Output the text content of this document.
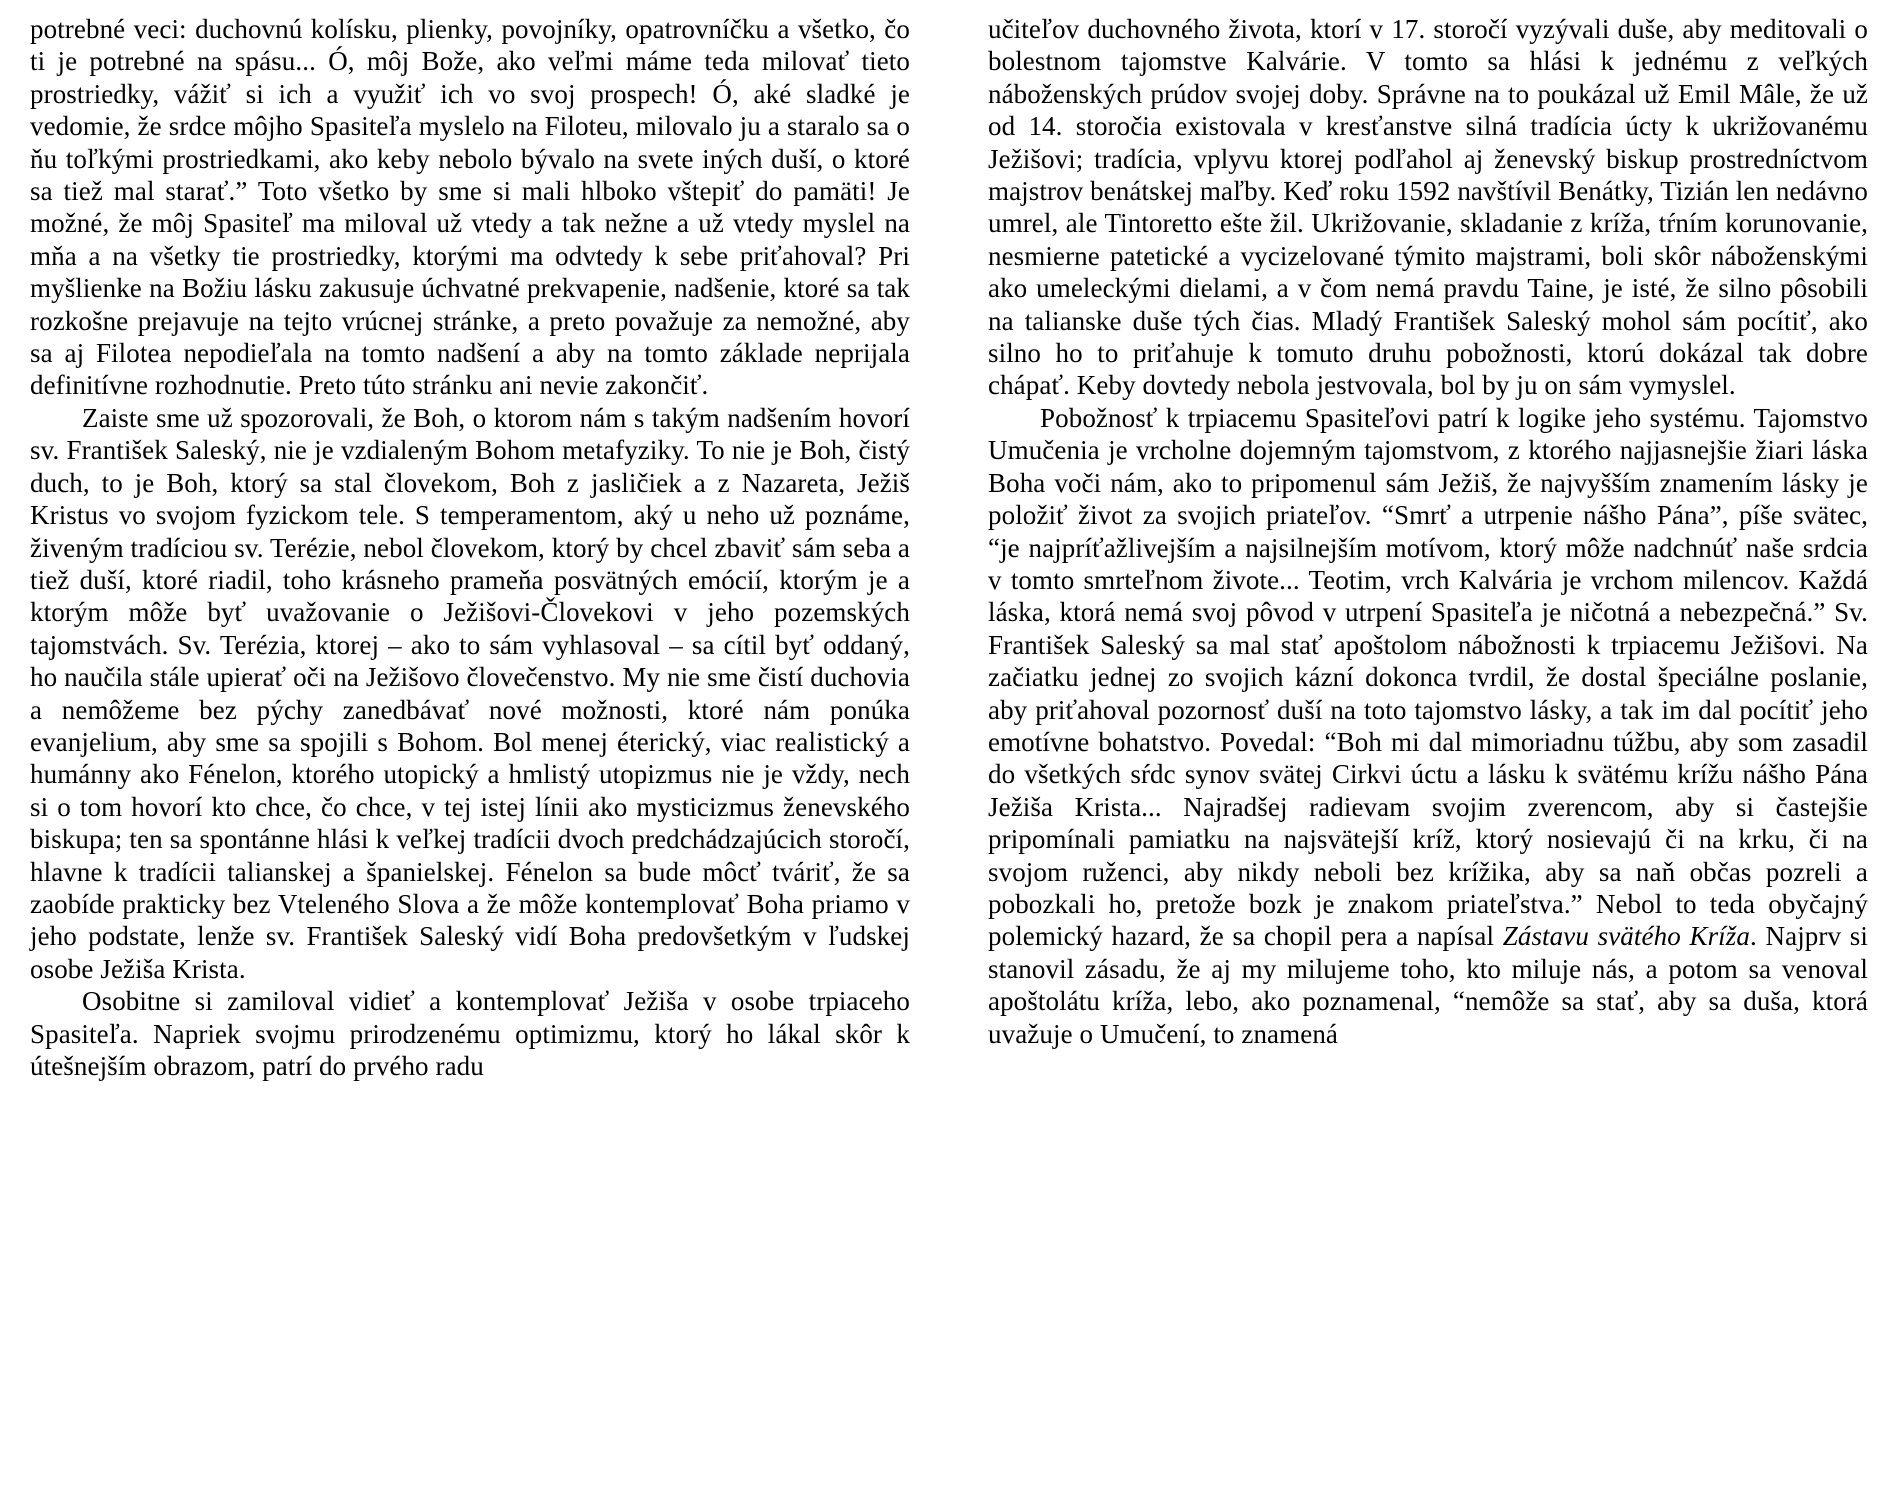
potrebné veci: duchovnú kolísku, plienky, povojníky, opatrovníčku a všetko, čo ti je potrebné na spásu... Ó, môj Bože, ako veľmi máme teda milovať tieto prostriedky, vážiť si ich a využiť ich vo svoj prospech! Ó, aké sladké je vedomie, že srdce môjho Spasiteľa myslelo na Filoteu, milovalo ju a staralo sa o ňu toľkými prostriedkami, ako keby nebolo bývalo na svete iných duší, o ktoré sa tiež mal starať.” Toto všetko by sme si mali hlboko vštepiť do pamäti! Je možné, že môj Spasiteľ ma miloval už vtedy a tak nežne a už vtedy myslel na mňa a na všetky tie prostriedky, ktorými ma odvtedy k sebe priťahoval? Pri myšlienke na Božiu lásku zakusuje úchvatné prekvapenie, nadšenie, ktoré sa tak rozkošne prejavuje na tejto vrúcnej stránke, a preto považuje za nemožné, aby sa aj Filotea nepodieľala na tomto nadšení a aby na tomto základe neprijala definitívne rozhodnutie. Preto túto stránku ani nevie zakončiť.

Zaiste sme už spozorovali, že Boh, o ktorom nám s takým nadšením hovorí sv. František Saleský, nie je vzdialeným Bohom metafyziky. To nie je Boh, čistý duch, to je Boh, ktorý sa stal človekom, Boh z jasličiek a z Nazareta, Ježiš Kristus vo svojom fyzickom tele. S temperamentom, aký u neho už poznáme, živeným tradíciou sv. Terézie, nebol človekom, ktorý by chcel zbaviť sám seba a tiež duší, ktoré riadil, toho krásneho prameňa posvätných emócií, ktorým je a ktorým môže byť uvažovanie o Ježišovi-Človekovi v jeho pozemských tajomstvách. Sv. Terézia, ktorej – ako to sám vyhlasoval – sa cítil byť oddaný, ho naučila stále upierať oči na Ježišovo človečenstvo. My nie sme čistí duchovia a nemôžeme bez pýchy zanedbávať nové možnosti, ktoré nám ponúka evanjelium, aby sme sa spojili s Bohom. Bol menej éterický, viac realistický a humánny ako Fénelon, ktorého utopický a hmlistý utopizmus nie je vždy, nech si o tom hovorí kto chce, čo chce, v tej istej línii ako mysticizmus ženevského biskupa; ten sa spontánne hlási k veľkej tradícii dvoch predchádzajúcich storočí, hlavne k tradícii talianskej a španielskej. Fénelon sa bude môcť tváriť, že sa zaobíde prakticky bez Vteleného Slova a že môže kontemplovať Boha priamo v jeho podstate, lenže sv. František Saleský vidí Boha predovšetkým v ľudskej osobe Ježiša Krista.

Osobitne si zamiloval vidieť a kontemplovať Ježiša v osobe trpiaceho Spasiteľa. Napriek svojmu prirodzenému optimizmu, ktorý ho lákal skôr k útešnejším obrazom, patrí do prvého radu

učiteľov duchovného života, ktorí v 17. storočí vyzývali duše, aby meditovali o bolestnom tajomstve Kalvárie. V tomto sa hlási k jednému z veľkých náboženských prúdov svojej doby. Správne na to poukázal už Emil Mâle, že už od 14. storočia existovala v kresťanstve silná tradícia úcty k ukrižovanému Ježišovi; tradícia, vplyvu ktorej podľahol aj ženevský biskup prostredníctvom majstrov benátskej maľby. Keď roku 1592 navštívil Benátky, Tizián len nedávno umrel, ale Tintoretto ešte žil. Ukrižovanie, skladanie z kríža, tŕním korunovanie, nesmierne patetické a vycizelované týmito majstrami, boli skôr náboženskými ako umeleckými dielami, a v čom nemá pravdu Taine, je isté, že silno pôsobili na talianske duše tých čias. Mladý František Saleský mohol sám pocítiť, ako silno ho to priťahuje k tomuto druhu pobožnosti, ktorú dokázal tak dobre chápať. Keby dovtedy nebola jestvovala, bol by ju on sám vymyslel.

Pobožnosť k trpiacemu Spasiteľovi patrí k logike jeho systému. Tajomstvo Umučenia je vrcholne dojemným tajomstvom, z ktorého najjasnejšie žiari láska Boha voči nám, ako to pripomenul sám Ježiš, že najvyšším znamením lásky je položiť život za svojich priateľov. “Smrť a utrpenie nášho Pána”, píše svätec, “je najpríťažlivejším a najsilnejším motívom, ktorý môže nadchnúť naše srdcia v tomto smrteľnom živote... Teotim, vrch Kalvária je vrchom milencov. Každá láska, ktorá nemá svoj pôvod v utrpení Spasiteľa je ničotná a nebezpečná.” Sv. František Saleský sa mal stať apoštolom nábožnosti k trpiacemu Ježišovi. Na začiatku jednej zo svojich kázní dokonca tvrdil, že dostal špeciálne poslanie, aby priťahoval pozornosť duší na toto tajomstvo lásky, a tak im dal pocítiť jeho emotívne bohatstvo. Povedal: “Boh mi dal mimoriadnu túžbu, aby som zasadil do všetkých sŕdc synov svätej Cirkvi úctu a lásku k svätému krížu nášho Pána Ježiša Krista... Najradšej radievam svojim zverencom, aby si častejšie pripomínali pamiatku na najsvätejší kríž, ktorý nosievajú či na krku, či na svojom ruženci, aby nikdy neboli bez krížika, aby sa naň občas pozreli a pobozkali ho, pretože bozk je znakom priateľstva.” Nebol to teda obyčajný polemický hazard, že sa chopil pera a napísal Zástavu svätého Kríža. Najprv si stanovil zásadu, že aj my milujeme toho, kto miluje nás, a potom sa venoval apoštolátu kríža, lebo, ako poznamenal, “nemôže sa stať, aby sa duša, ktorá uvažuje o Umučení, to znamená
